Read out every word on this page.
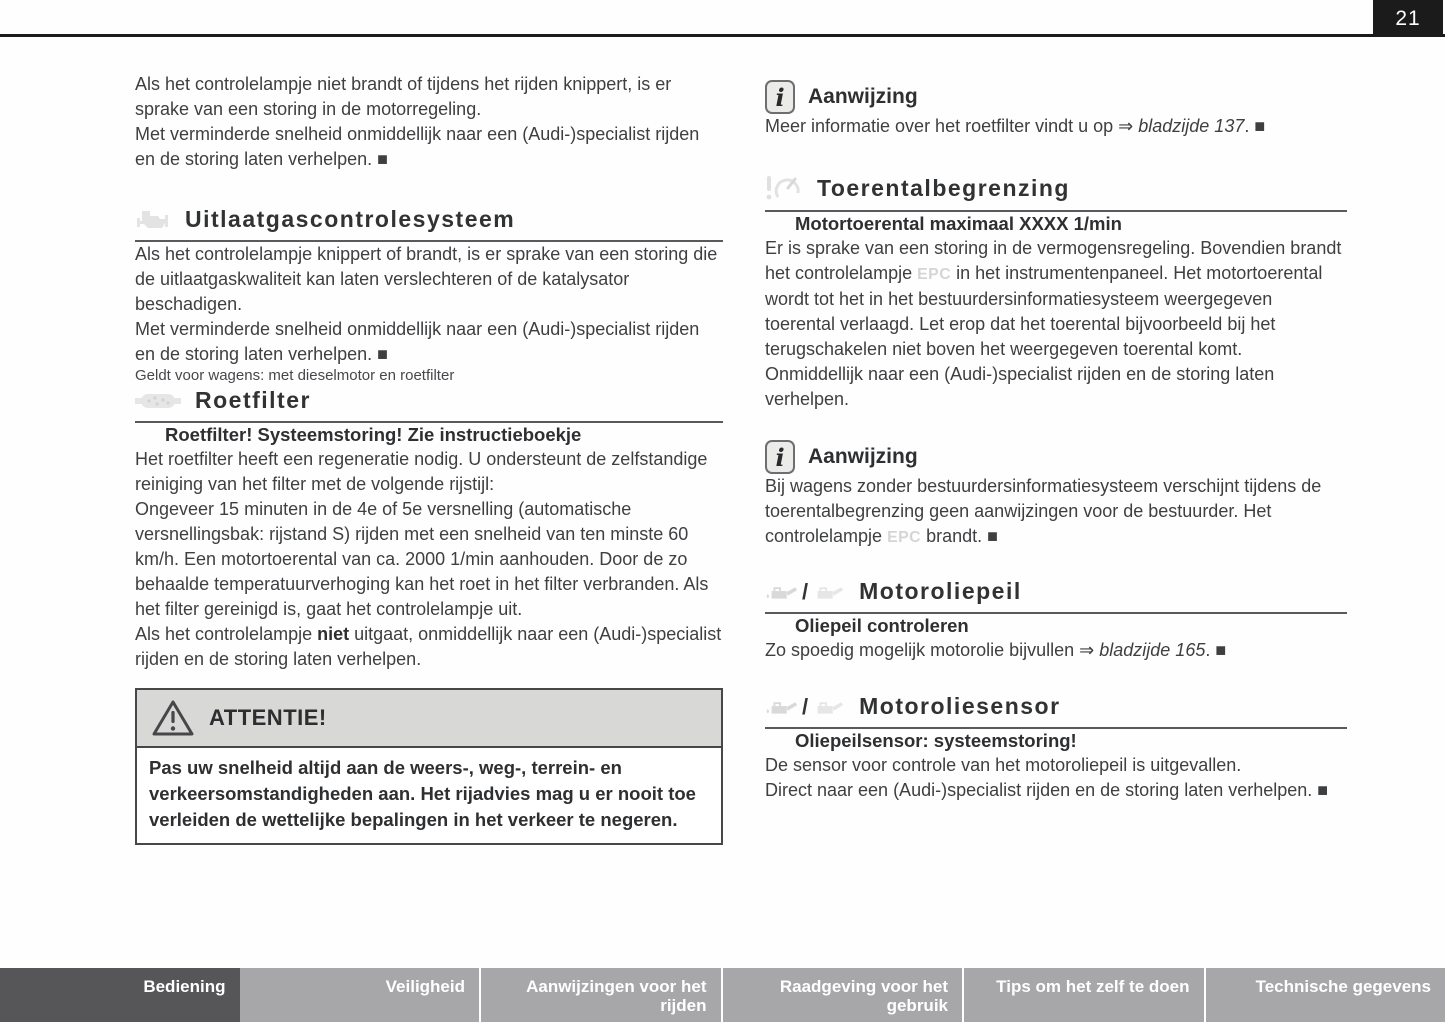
21

Als het controlelampje niet brandt of tijdens het rijden knippert, is er sprake van een storing in de motorregeling.

Met verminderde snelheid onmiddellijk naar een (Audi-)specialist rijden en de storing laten verhelpen. ■

Uitlaatgascontrolesysteem

Als het controlelampje knippert of brandt, is er sprake van een storing die de uitlaatgaskwaliteit kan laten verslechteren of de katalysator beschadigen.

Met verminderde snelheid onmiddellijk naar een (Audi-)specialist rijden en de storing laten verhelpen. ■

Geldt voor wagens: met dieselmotor en roetfilter

Roetfilter

Roetfilter! Systeemstoring! Zie instructieboekje

Het roetfilter heeft een regeneratie nodig. U ondersteunt de zelfstandige reiniging van het filter met de volgende rijstijl:

Ongeveer 15 minuten in de 4e of 5e versnelling (automatische versnellingsbak: rijstand S) rijden met een snelheid van ten minste 60 km/h. Een motortoerental van ca. 2000 1/min aanhouden. Door de zo behaalde temperatuurverhoging kan het roet in het filter verbranden. Als het filter gereinigd is, gaat het controlelampje uit.

Als het controlelampje niet uitgaat, onmiddellijk naar een (Audi-)specialist rijden en de storing laten verhelpen.

ATTENTIE!
Pas uw snelheid altijd aan de weers-, weg-, terrein- en verkeersomstandigheden aan. Het rijadvies mag u er nooit toe verleiden de wettelijke bepalingen in het verkeer te negeren.
i	Aanwijzing

Meer informatie over het roetfilter vindt u op ⇒ bladzijde 137. ■

Toerentalbegrenzing

Motortoerental maximaal XXXX 1/min

Er is sprake van een storing in de vermogensregeling. Bovendien brandt het controlelampje EPC in het instrumentenpaneel. Het motortoerental wordt tot het in het bestuurdersinformatiesysteem weergegeven toerental verlaagd. Let erop dat het toerental bijvoorbeeld bij het terugschakelen niet boven het weergegeven toerental komt.

Onmiddellijk naar een (Audi-)specialist rijden en de storing laten verhelpen.

i	Aanwijzing

Bij wagens zonder bestuurdersinformatiesysteem verschijnt tijdens de toerentalbegrenzing geen aanwijzingen voor de bestuurder. Het controlelampje EPC brandt. ■

/ Motoroliepeil

Oliepeil controleren

Zo spoedig mogelijk motorolie bijvullen ⇒ bladzijde 165. ■

/ Motoroliesensor

Oliepeilsensor: systeemstoring!

De sensor voor controle van het motoroliepeil is uitgevallen.

Direct naar een (Audi-)specialist rijden en de storing laten verhelpen. ■

Bediening	Veiligheid	Aanwijzingen voor het rijden
Raadgeving voor het gebruik
Tips om het zelf te doen	Technische gegevens
